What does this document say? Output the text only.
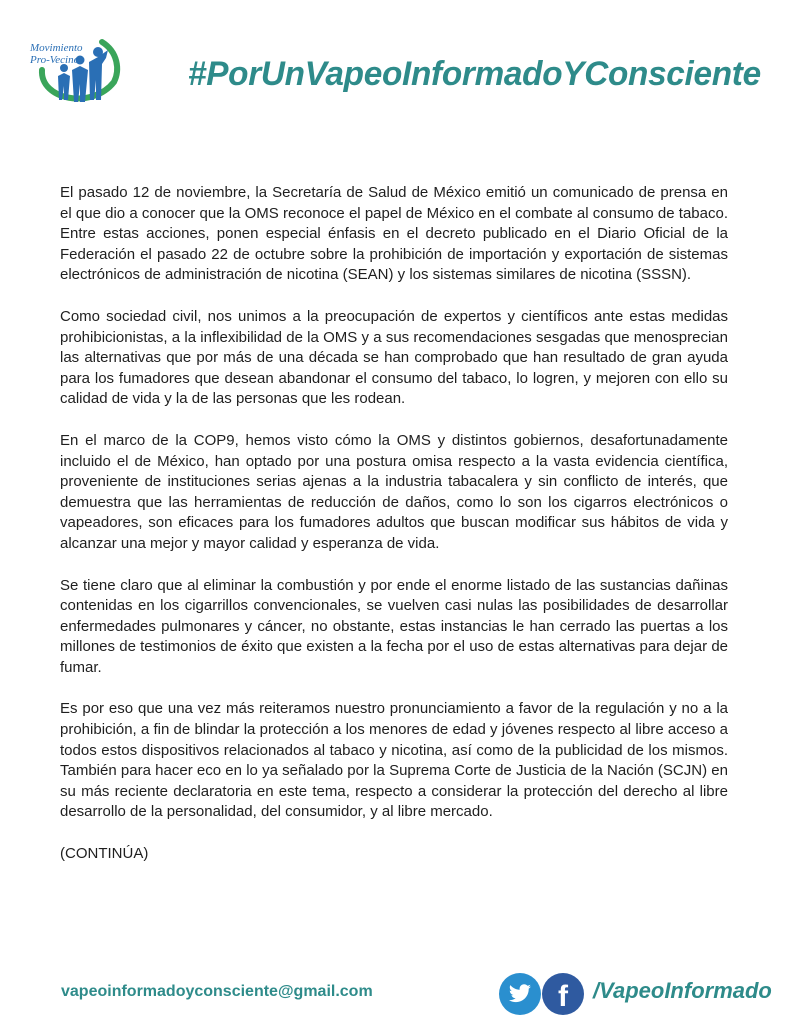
Movimiento
Pro-Vecino	#PorUnVapeoInformadoYConsciente

El pasado 12 de noviembre, la Secretaría de Salud de México emitió un comunicado de prensa en el que dio a conocer que la OMS reconoce el papel de México en el combate al consumo de tabaco. Entre estas acciones, ponen especial énfasis en el decreto publicado en el Diario Oficial de la Federación el pasado 22 de octubre sobre la prohibición de importación y exportación de sistemas electrónicos de administración de nicotina (SEAN) y los sistemas similares de nicotina (SSSN).

Como sociedad civil, nos unimos a la preocupación de expertos y científicos ante estas medidas prohibicionistas, a la inflexibilidad de la OMS y a sus recomendaciones sesgadas que menosprecian las alternativas que por más de una década se han comprobado que han resultado de gran ayuda para los fumadores que desean abandonar el consumo del tabaco, lo logren, y mejoren con ello su calidad de vida y la de las personas que les rodean.

En el marco de la COP9, hemos visto cómo la OMS y distintos gobiernos, desafortunadamente incluido el de México, han optado por una postura omisa respecto a la vasta evidencia científica, proveniente de instituciones serias ajenas a la industria tabacalera y sin conflicto de interés, que demuestra que las herramientas de reducción de daños, como lo son los cigarros electrónicos o vapeadores, son eficaces para los fumadores adultos que buscan modificar sus hábitos de vida y alcanzar una mejor y mayor calidad y esperanza de vida.

Se tiene claro que al eliminar la combustión y por ende el enorme listado de las sustancias dañinas contenidas en los cigarrillos convencionales, se vuelven casi nulas las posibilidades de desarrollar enfermedades pulmonares y cáncer, no obstante, estas instancias le han cerrado las puertas a los millones de testimonios de éxito que existen a la fecha por el uso de estas alternativas para dejar de fumar.

Es por eso que una vez más reiteramos nuestro pronunciamiento a favor de la regulación y no a la prohibición, a fin de blindar la protección a los menores de edad y jóvenes respecto al libre acceso a todos estos dispositivos relacionados al tabaco y nicotina, así como de la publicidad de los mismos. También para hacer eco en lo ya señalado por la Suprema Corte de Justicia de la Nación (SCJN) en su más reciente declaratoria en este tema, respecto a considerar la protección del derecho al libre desarrollo de la personalidad, del consumidor, y al libre mercado.

(CONTINÚA)

vapeoinformadoyconsciente@gmail.com	f /VapeoInformado
